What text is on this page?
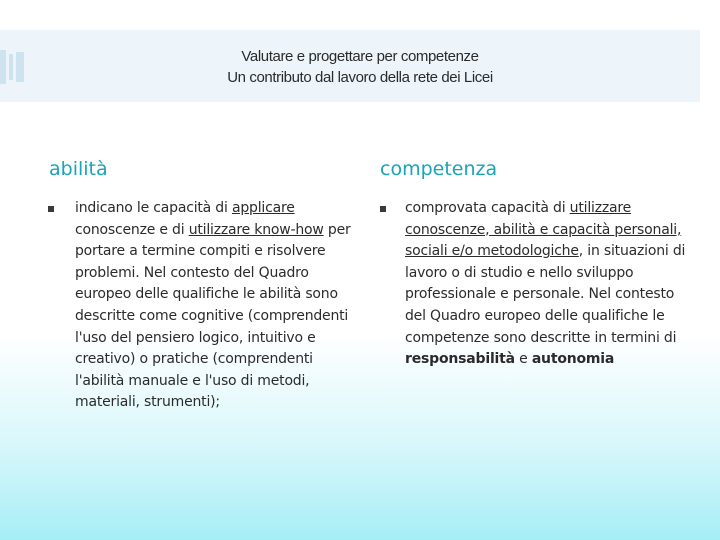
Valutare e progettare per competenze
Un contributo dal lavoro della rete dei Licei
abilità	competenza
indicano le capacità di applicare conoscenze e di utilizzare know-how per portare a termine compiti e risolvere problemi. Nel contesto del Quadro europeo delle qualifiche le abilità sono descritte come cognitive (comprendenti l'uso del pensiero logico, intuitivo e creativo) o pratiche (comprendenti l'abilità manuale e l'uso di metodi, materiali, strumenti);
comprovata capacità di utilizzare conoscenze, abilità e capacità personali, sociali e/o metodologiche, in situazioni di lavoro o di studio e nello sviluppo professionale e personale. Nel contesto del Quadro europeo delle qualifiche le competenze sono descritte in termini di responsabilità e autonomia
